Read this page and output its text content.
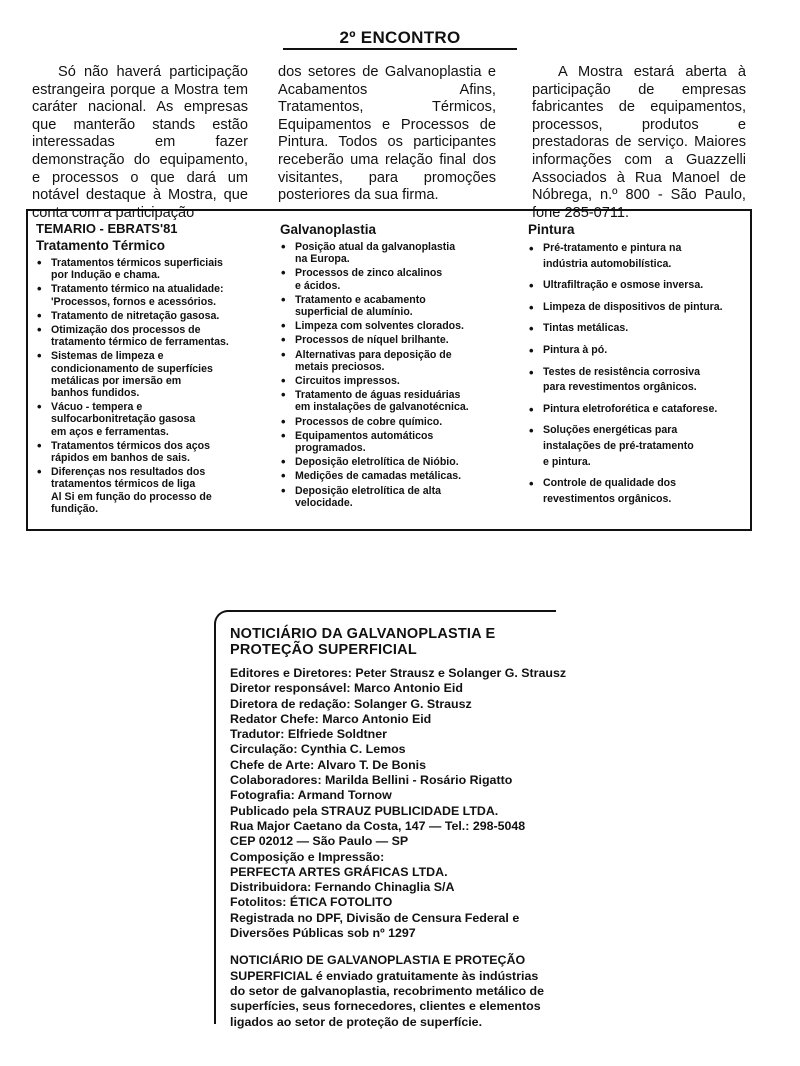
2º ENCONTRO

Só não haverá participação estrangeira porque a Mostra tem caráter nacional. As empresas que manterão stands estão interessadas em fazer demonstração do equipamento, e processos o que dará um notável destaque à Mostra, que conta com a participação

dos setores de Galvanoplastia e Acabamentos Afins, Tratamentos, Térmicos, Equipamentos e Processos de Pintura. Todos os participantes receberão uma relação final dos visitantes, para promoções posteriores da sua firma.

A Mostra estará aberta à participação de empresas fabricantes de equipamentos, processos, produtos e prestadoras de serviço. Maiores informações com a Guazzelli Associados à Rua Manoel de Nóbrega, n.º 800 - São Paulo, fone 285-0711.

TEMARIO - EBRATS'81
Tratamento Térmico
• Tratamentos térmicos superficiais
por Indução e chama.
• Tratamento térmico na atualidade:
'Processos, fornos e acessórios.
• Tratamento de nitretação gasosa.
• Otimização dos processos de
tratamento térmico de ferramentas.
• Sistemas de limpeza e
condicionamento de superfícies
metálicas por imersão em
banhos fundidos.
• Vácuo - tempera e
sulfocarbonitretação gasosa
em aços e ferramentas.
• Tratamentos térmicos dos aços
rápidos em banhos de sais.
• Diferenças nos resultados dos
tratamentos térmicos de liga
Al Si em função do processo de
fundição.
Galvanoplastia
• Posição atual da galvanoplastia
na Europa.
• Processos de zinco alcalinos
e ácidos.
• Tratamento e acabamento
superficial de alumínio.
• Limpeza com solventes clorados.
• Processos de níquel brilhante.
• Alternativas para deposição de
metais preciosos.
• Circuitos impressos.
• Tratamento de águas residuárias
em instalações de galvanotécnica.
• Processos de cobre químico.
• Equipamentos automáticos
programados.
• Deposição eletrolítica de Nióbio.
• Medições de camadas metálicas.
• Deposição eletrolítica de alta
velocidade.
Pintura
• Pré-tratamento e pintura na
indústria automobilística.
• Ultrafiltração e osmose inversa.
• Limpeza de dispositivos de pintura.
• Tintas metálicas.
• Pintura à pó.
• Testes de resistência corrosiva
para revestimentos orgânicos.
• Pintura eletroforética e cataforese.
• Soluções energéticas para
instalações de pré-tratamento
e pintura.
• Controle de qualidade dos
revestimentos orgânicos.
NOTICIÁRIO DA GALVANOPLASTIA E
PROTEÇÃO SUPERFICIAL
Editores e Diretores: Peter Strausz e Solanger G. Strausz
Diretor responsável: Marco Antonio Eid
Diretora de redação: Solanger G. Strausz
Redator Chefe: Marco Antonio Eid
Tradutor: Elfriede Soldtner
Circulação: Cynthia C. Lemos
Chefe de Arte: Alvaro T. De Bonis
Colaboradores: Marilda Bellini - Rosário Rigatto
Fotografia: Armand Tornow
Publicado pela STRAUZ PUBLICIDADE LTDA.
Rua Major Caetano da Costa, 147 — Tel.: 298-5048
CEP 02012 — São Paulo — SP
Composição e Impressão:
PERFECTA ARTES GRÁFICAS LTDA.
Distribuidora: Fernando Chinaglia S/A
Fotolitos: ÉTICA FOTOLITO
Registrada no DPF, Divisão de Censura Federal e
Diversões Públicas sob nº 1297
NOTICIÁRIO DE GALVANOPLASTIA E PROTEÇÃO SUPERFICIAL é enviado gratuitamente às indústrias do setor de galvanoplastia, recobrimento metálico de superfícies, seus fornecedores, clientes e elementos ligados ao setor de proteção de superfície.
